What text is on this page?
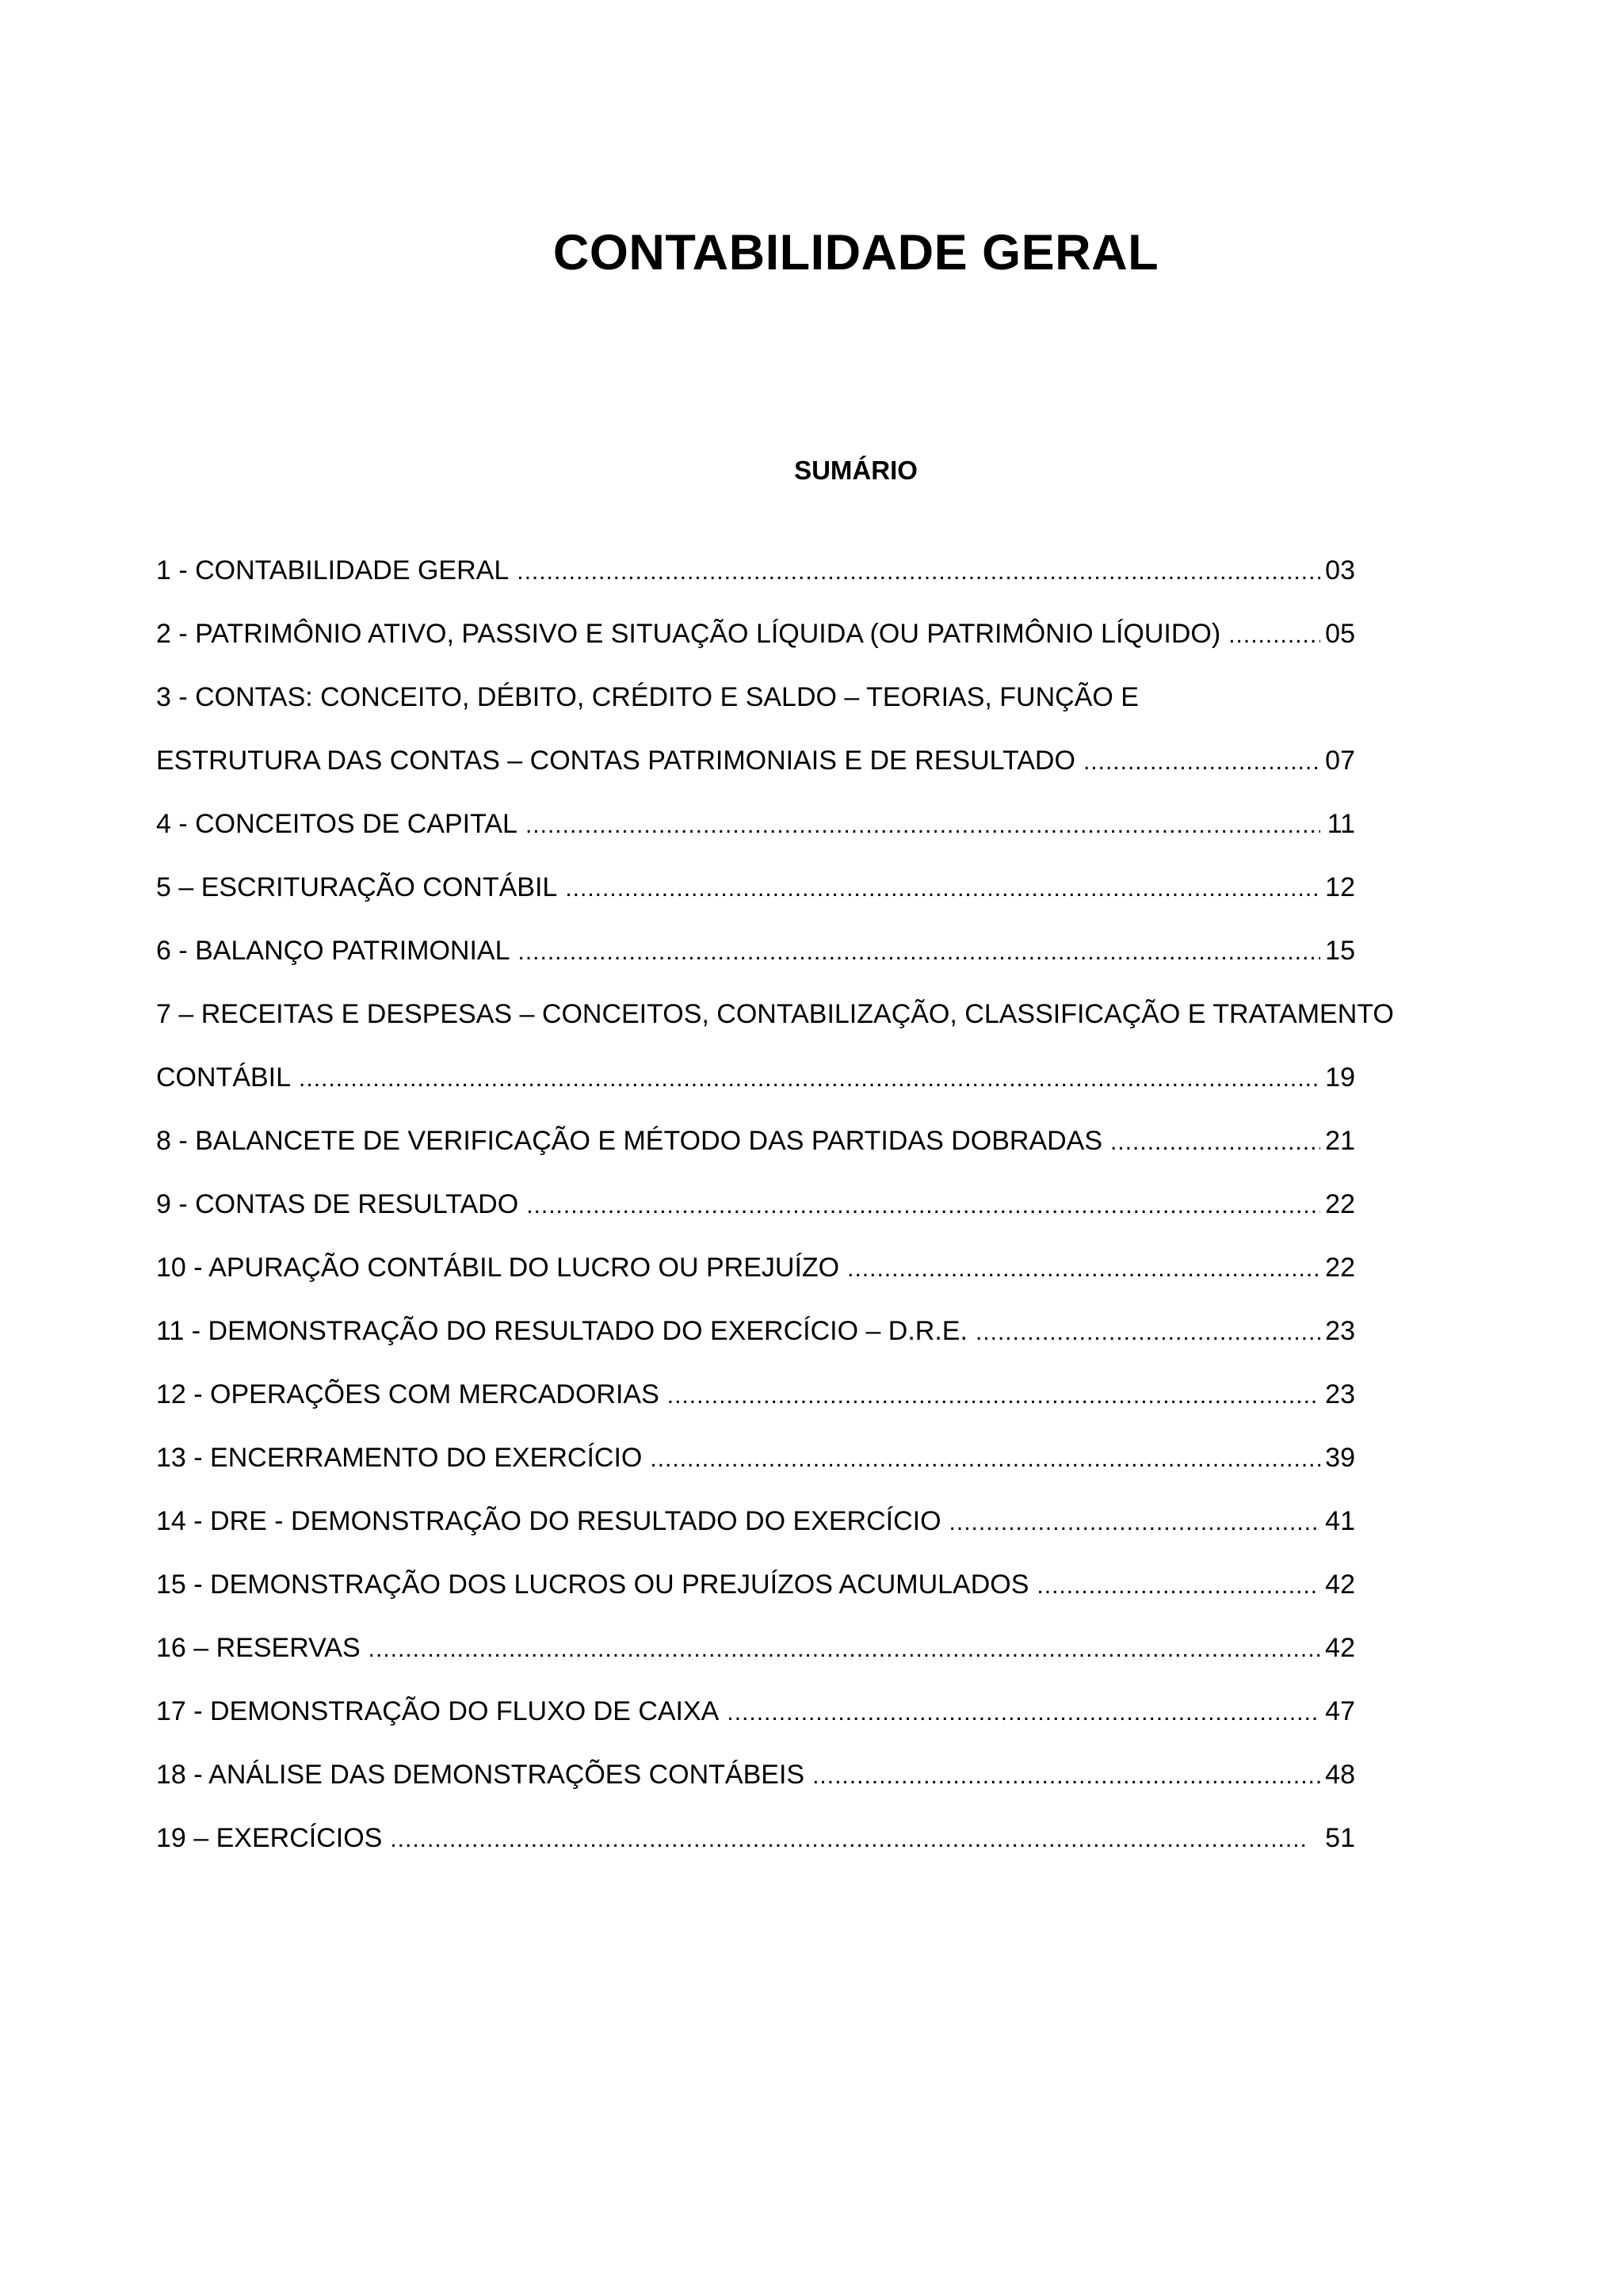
CONTABILIDADE GERAL
SUMÁRIO
1 - CONTABILIDADE GERAL .....	03
2 - PATRIMÔNIO ATIVO, PASSIVO E SITUAÇÃO LÍQUIDA (OU PATRIMÔNIO LÍQUIDO) .....	05
3 - CONTAS: CONCEITO, DÉBITO, CRÉDITO E SALDO – TEORIAS, FUNÇÃO E
ESTRUTURA DAS CONTAS – CONTAS PATRIMONIAIS E DE RESULTADO .....	07
4 - CONCEITOS DE CAPITAL .....	11
5 – ESCRITURAÇÃO CONTÁBIL .....	12
6 - BALANÇO PATRIMONIAL .....	15
7 – RECEITAS E DESPESAS – CONCEITOS, CONTABILIZAÇÃO, CLASSIFICAÇÃO E TRATAMENTO
CONTÁBIL .....	19
8 - BALANCETE DE VERIFICAÇÃO E MÉTODO DAS PARTIDAS DOBRADAS .....	21
9 - CONTAS DE RESULTADO .....	22
10 - APURAÇÃO CONTÁBIL DO LUCRO OU PREJUÍZO .....	22
11 - DEMONSTRAÇÃO DO RESULTADO DO EXERCÍCIO – D.R.E. .....	23
12 - OPERAÇÕES COM MERCADORIAS .....	23
13 - ENCERRAMENTO DO EXERCÍCIO .....	39
14 - DRE - DEMONSTRAÇÃO DO RESULTADO DO EXERCÍCIO .....	41
15 - DEMONSTRAÇÃO DOS LUCROS OU PREJUÍZOS ACUMULADOS .....	42
16 – RESERVAS .....	42
17 - DEMONSTRAÇÃO DO FLUXO DE CAIXA .....	47
18 - ANÁLISE DAS DEMONSTRAÇÕES CONTÁBEIS .....	48
19 – EXERCÍCIOS .....	51
